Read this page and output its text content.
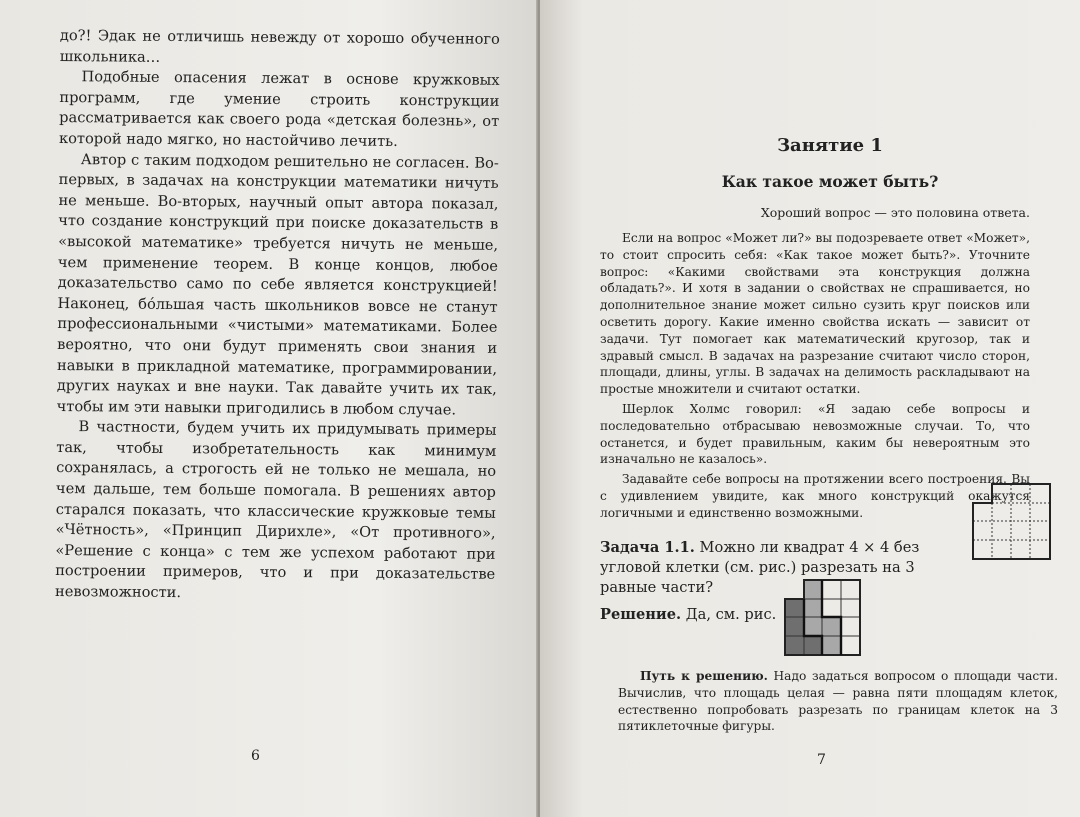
до?! Эдак не отличишь невежду от хорошо обученного школьника…

Подобные опасения лежат в основе кружковых программ, где умение строить конструкции рассматривается как своего рода «детская болезнь», от которой надо мягко, но настойчиво лечить.

Автор с таким подходом решительно не согласен. Во-первых, в задачах на конструкции математики ничуть не меньше. Во-вторых, научный опыт автора показал, что создание конструкций при поиске доказательств в «высокой математике» требуется ничуть не меньше, чем применение теорем. В конце концов, любое доказательство само по себе является конструкцией! Наконец, бóльшая часть школьников вовсе не станут профессиональными «чистыми» математиками. Более вероятно, что они будут применять свои знания и навыки в прикладной математике, программировании, других науках и вне науки. Так давайте учить их так, чтобы им эти навыки пригодились в любом случае.

В частности, будем учить их придумывать примеры так, чтобы изобретательность как минимум сохранялась, а строгость ей не только не мешала, но чем дальше, тем больше помогала. В решениях автор старался показать, что классические кружковые темы «Чётность», «Принцип Дирихле», «От противного», «Решение с конца» с тем же успехом работают при построении примеров, что и при доказательстве невозможности.

6
Занятие 1
Как такое может быть?
Хороший вопрос — это половина ответа.

Если на вопрос «Может ли?» вы подозреваете ответ «Может», то стоит спросить себя: «Как такое может быть?». Уточните вопрос: «Какими свойствами эта конструкция должна обладать?». И хотя в задании о свойствах не спрашивается, но дополнительное знание может сильно сузить круг поисков или осветить дорогу. Какие именно свойства искать — зависит от задачи. Тут помогает как математический кругозор, так и здравый смысл. В задачах на разрезание считают число сторон, площади, длины, углы. В задачах на делимость раскладывают на простые множители и считают остатки.

Шерлок Холмс говорил: «Я задаю себе вопросы и последовательно отбрасываю невозможные случаи. То, что останется, и будет правильным, каким бы невероятным это изначально не казалось».

Задавайте себе вопросы на протяжении всего построения. Вы с удивлением увидите, как много конструкций окажутся логичными и единственно возможными.

Задача 1.1. Можно ли квадрат 4 × 4 без угловой клетки (см. рис.) разрезать на 3 равные части?
Решение. Да, см. рис.

Путь к решению. Надо задаться вопросом о площади части. Вычислив, что площадь целая — равна пяти площадям клеток, естественно попробовать разрезать по границам клеток на 3 пятиклеточные фигуры.

7
